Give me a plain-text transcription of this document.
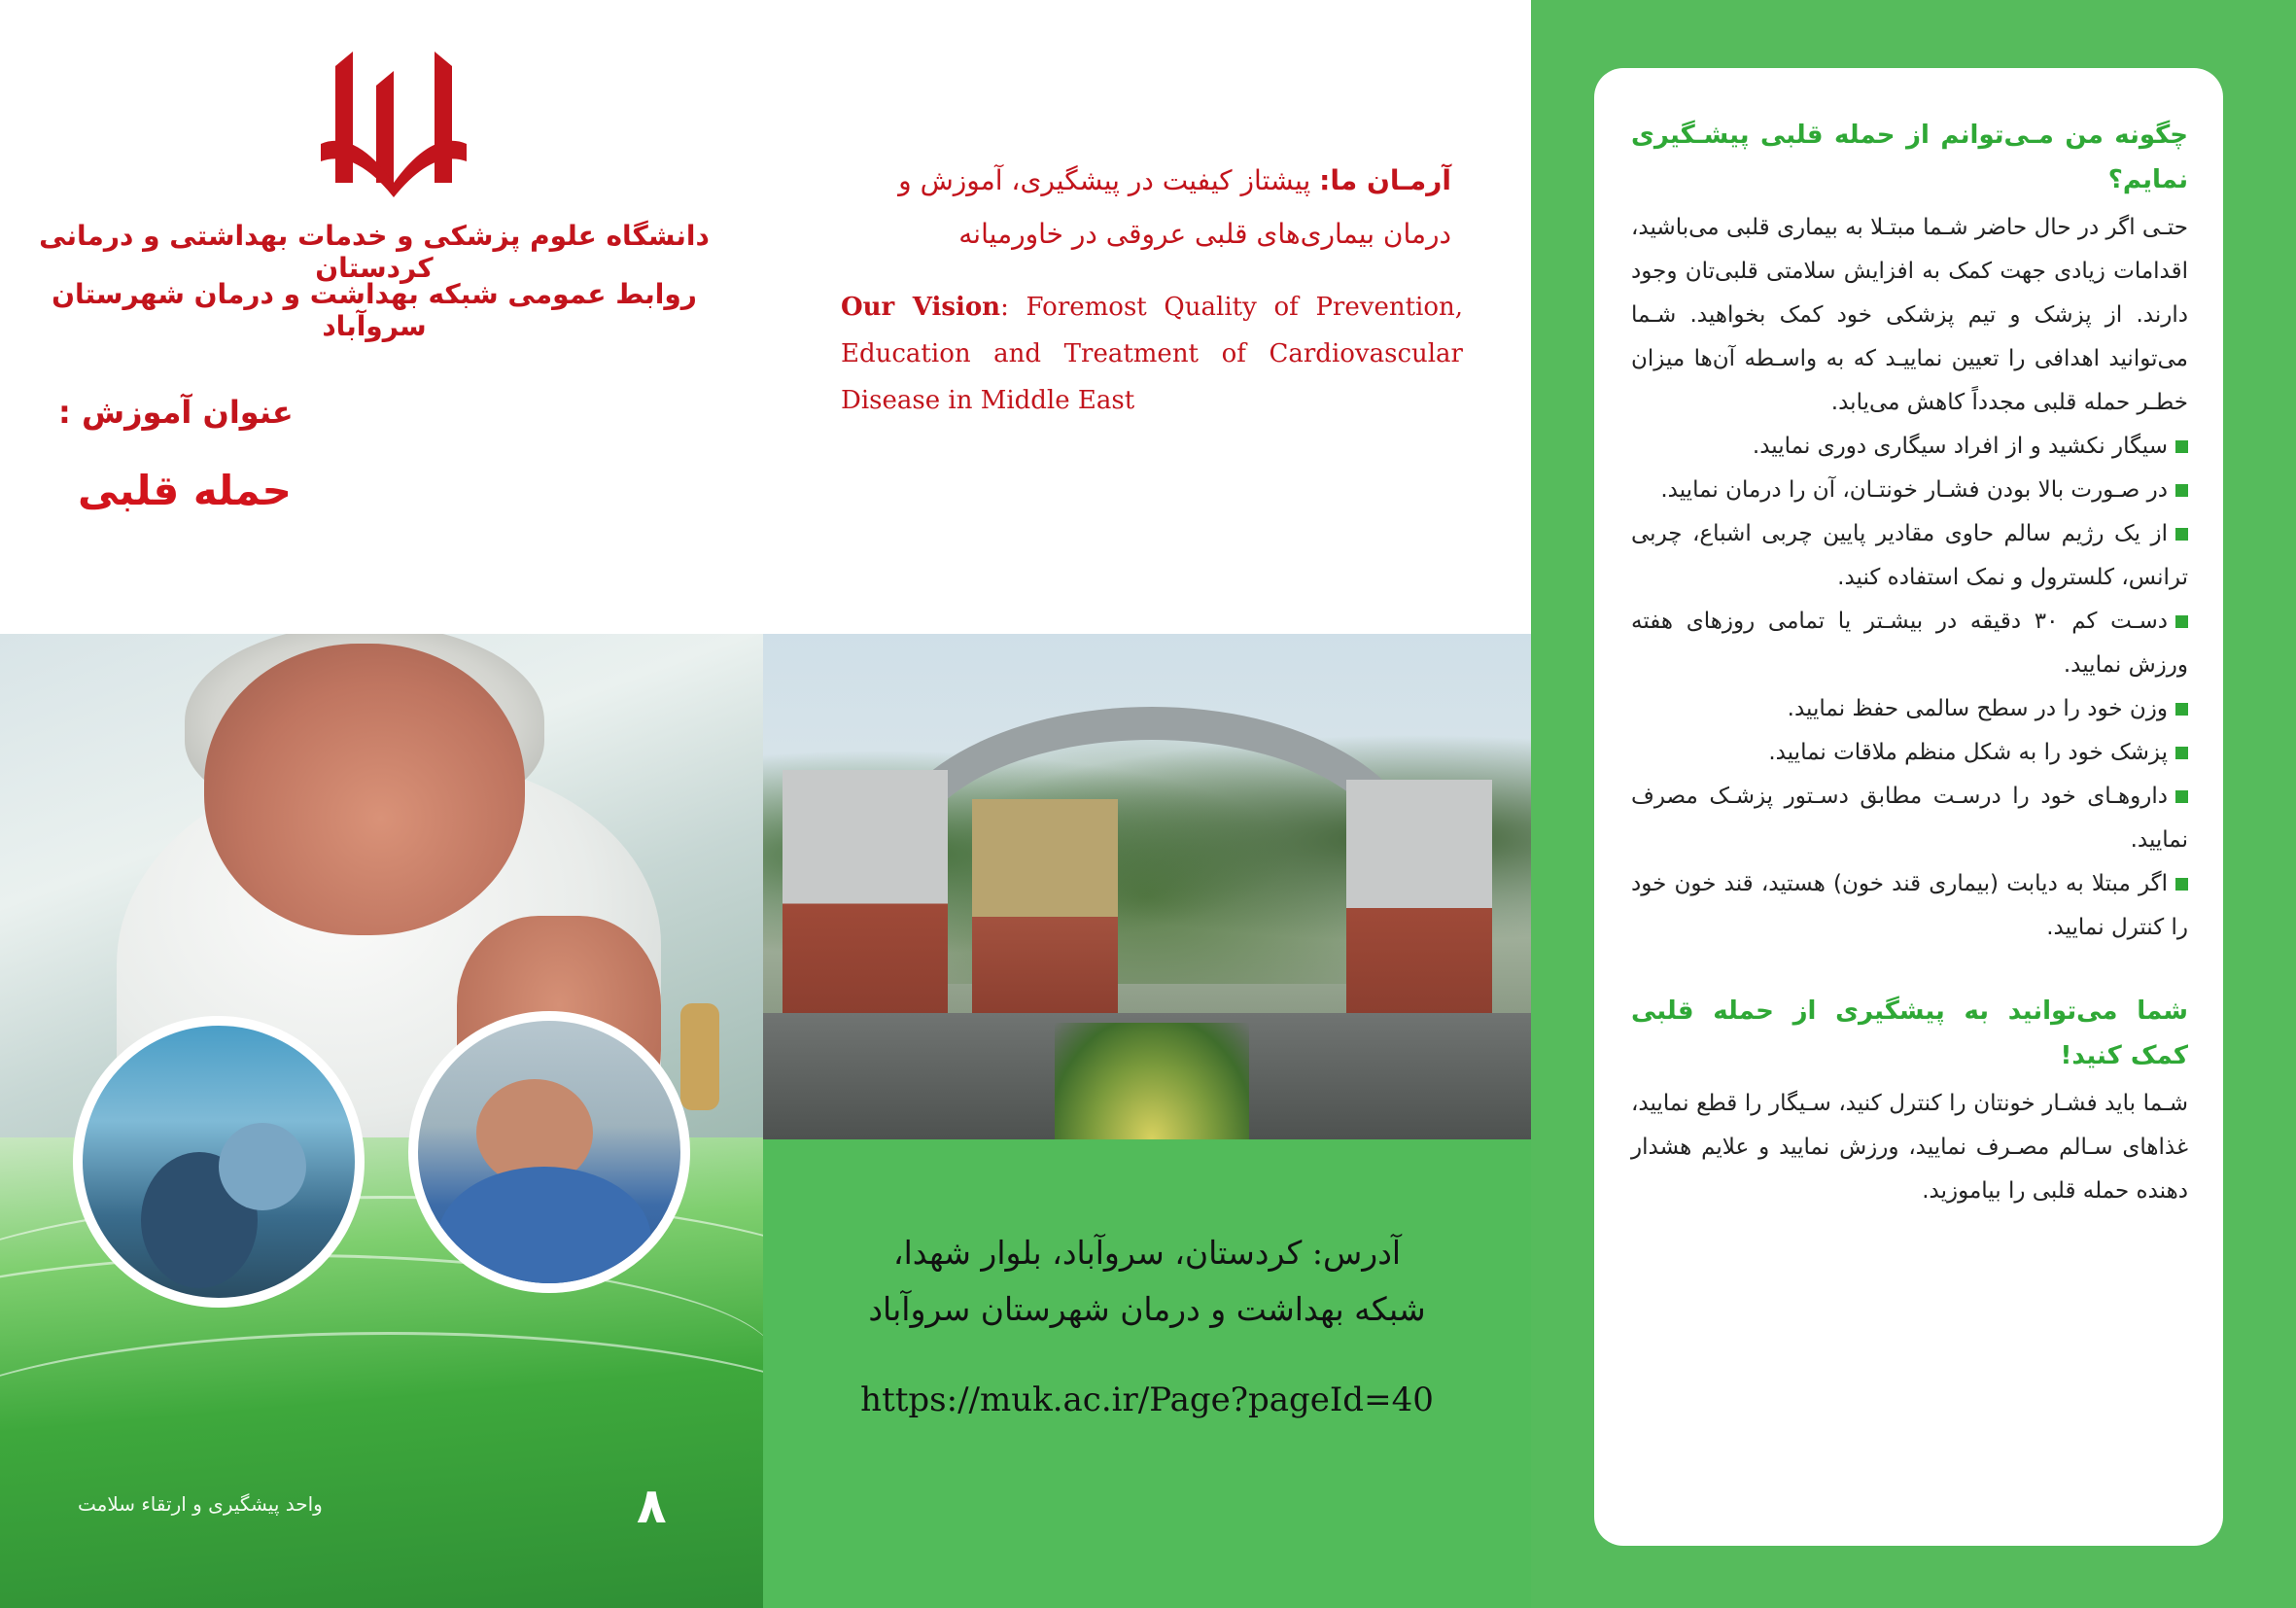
دانشگاه علوم پزشکی و خدمات بهداشتی و درمانی کردستان
روابط عمومی شبکه بهداشت و درمان شهرستان سروآباد
عنوان آموزش :
حمله قلبی
واحد پیشگیری و ارتقاء سلامت	۸
آرمـان ما: پیشتاز کیفیت در پیشگیری، آموزش و درمان بیماری‌های قلبی عروقی در خاورمیانه
Our Vision: Foremost Quality of Prevention, Education and Treatment of Cardiovascular Disease in Middle East
آدرس: کردستان، سروآباد، بلوار شهدا،
شبکه بهداشت و درمان شهرستان سروآباد
https://muk.ac.ir/Page?pageId=40
چگونه من مـی‌توانم از حمله قلبی پیشـگیری نمایم؟
حتـی اگر در حال حاضر شـما مبتـلا به بیماری قلبی می‌باشید، اقدامات زیادی جهت کمک به افزایش سلامتی قلبی‌تان وجود دارند. از پزشک و تیم پزشکی خود کمک بخواهید. شـما می‌توانید اهدافی را تعیین نماییـد که به واسـطه آن‌ها میزان خطـر حمله قلبی مجدداً کاهش می‌یابد.
سیگار نکشید و از افراد سیگاری دوری نمایید.
در صـورت بالا بودن فشـار خونتـان، آن را درمان نمایید.
از یک رژیم سالم حاوی مقادیر پایین چربی اشباع، چربی ترانس، کلسترول و نمک استفاده کنید.
دسـت کم ۳۰ دقیقه در بیشـتر یا تمامی روزهای هفته ورزش نمایید.
وزن خود را در سطح سالمی حفظ نمایید.
پزشک خود را به شکل منظم ملاقات نمایید.
داروهـای خود را درسـت مطابق دسـتور پزشـک مصرف نمایید.
اگر مبتلا به دیابت (بیماری قند خون) هستید، قند خون خود را کنترل نمایید.
شما می‌توانید به پیشگیری از حمله قلبی کمک کنید!
شـما باید فشـار خونتان را کنترل کنید، سـیگار را قطع نمایید، غذاهای سـالم مصـرف نمایید، ورزش نمایید و علایم هشدار دهنده حمله قلبی را بیاموزید.
